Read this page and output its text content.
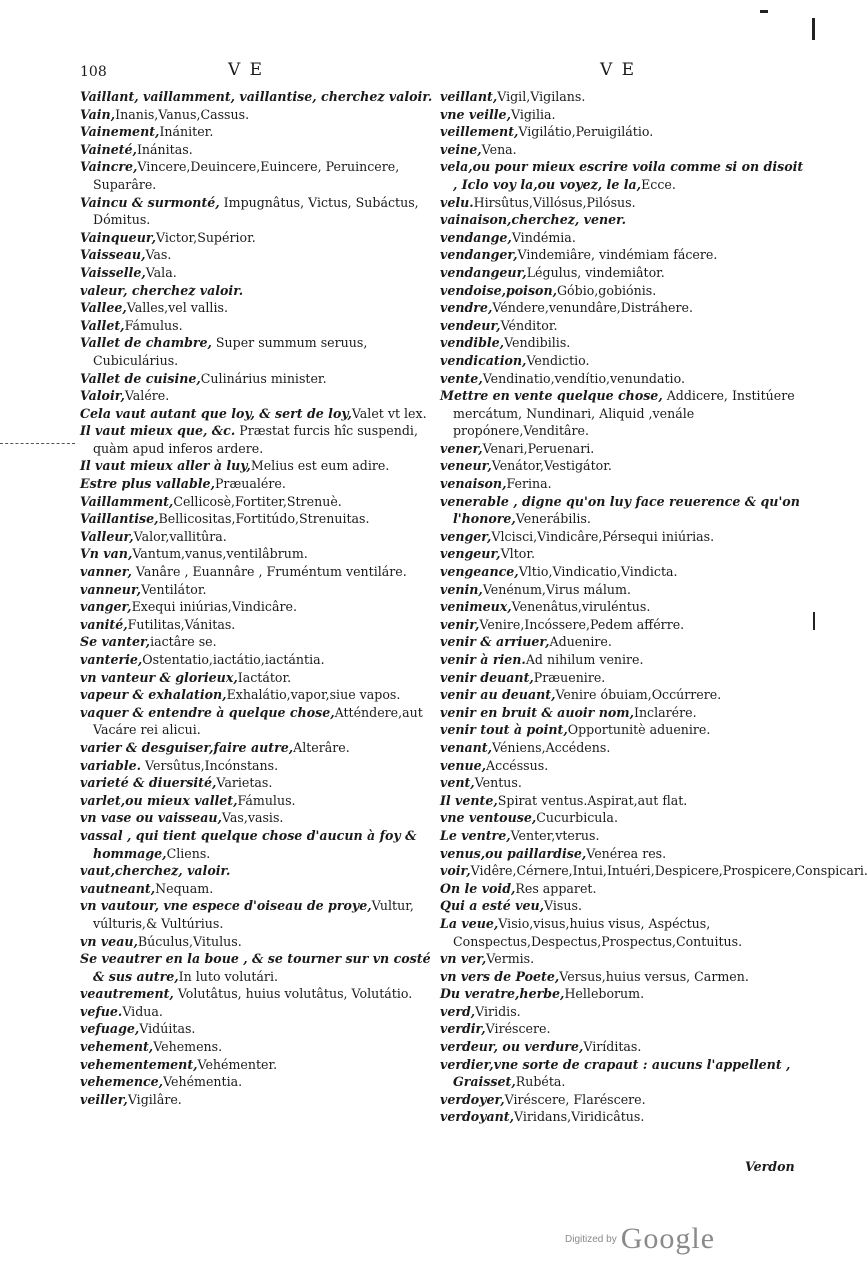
108	V E	V E

Vaillant, vaillamment, vaillantise, cherchez valoir.

Vain,Inanis,Vanus,Cassus.

Vainement,Inániter.

Vaineté,Inánitas.

Vaincre,Vincere,Deuincere,Euincere, Peruincere, Suparâre.

Vaincu & surmonté, Impugnâtus, Victus, Subáctus, Dómitus.

Vainqueur,Victor,Supérior.

Vaisseau,Vas.

Vaisselle,Vala.

valeur, cherchez valoir.

Vallee,Valles,vel vallis.

Vallet,Fámulus.

Vallet de chambre, Super summum seruus, Cubiculárius.

Vallet de cuisine,Culinárius minister.

Valoir,Valére.

Cela vaut autant que loy, & sert de loy,Valet vt lex.

Il vaut mieux que, &c. Præstat furcis hîc suspendi, quàm apud inferos ardere.

Il vaut mieux aller à luy,Melius est eum adire.

Estre plus vallable,Præualére.

Vaillamment,Cellicosè,Fortiter,Strenuè.

Vaillantise,Bellicositas,Fortitúdo,Strenuitas.

Valleur,Valor,vallitûra.

Vn van,Vantum,vanus,ventilâbrum.

vanner, Vanâre , Euannâre , Fruméntum ventiláre.

vanneur,Ventilátor.

vanger,Exequi iniúrias,Vindicâre.

vanité,Futilitas,Vánitas.

Se vanter,iactâre se.

vanterie,Ostentatio,iactátio,iactántia.

vn vanteur & glorieux,Iactátor.

vapeur & exhalation,Exhalátio,vapor,siue vapos.

vaquer & entendre à quelque chose,Atténdere,aut Vacáre rei alicui.

varier & desguiser,faire autre,Alterâre.

variable. Versûtus,Incónstans.

varieté & diuersité,Varietas.

varlet,ou mieux vallet,Fámulus.

vn vase ou vaisseau,Vas,vasis.

vassal , qui tient quelque chose d'aucun à foy & hommage,Cliens.

vaut,cherchez, valoir.

vautneant,Nequam.

vn vautour, vne espece d'oiseau de proye,Vultur, vúlturis,& Vultúrius.

vn veau,Búculus,Vitulus.

Se veautrer en la boue , & se tourner sur vn costé & sus autre,In luto volutári.

veautrement, Volutâtus, huius volutâtus, Volutátio.

vefue.Vidua.

vefuage,Vidúitas.

vehement,Vehemens.

vehementement,Vehémenter.

vehemence,Vehémentia.

veiller,Vigilâre.

veillant,Vigil,Vigilans.

vne veille,Vigilia.

veillement,Vigilátio,Peruigilátio.

veine,Vena.

vela,ou pour mieux escrire voila comme si on disoit , Iclo voy la,ou voyez, le la,Ecce.

velu.Hirsûtus,Villósus,Pilósus.

vainaison,cherchez, vener.

vendange,Vindémia.

vendanger,Vindemiâre, vindémiam fácere.

vendangeur,Légulus, vindemiâtor.

vendoise,poison,Góbio,gobiónis.

vendre,Véndere,venundâre,Distráhere.

vendeur,Vénditor.

vendible,Vendibilis.

vendication,Vendictio.

vente,Vendinatio,vendítio,venundatio.

Mettre en vente quelque chose, Addicere, Institúere mercátum, Nundinari, Aliquid ,venále propónere,Venditâre.

vener,Venari,Peruenari.

veneur,Venátor,Vestigátor.

venaison,Ferina.

venerable , digne qu'on luy face reuerence & qu'on l'honore,Venerábilis.

venger,Vlcisci,Vindicâre,Pérsequi iniúrias.

vengeur,Vltor.

vengeance,Vltio,Vindicatio,Vindicta.

venin,Venénum,Virus málum.

venimeux,Venenâtus,viruléntus.

venir,Venire,Incóssere,Pedem afférre.

venir & arriuer,Aduenire.

venir à rien.Ad nihilum venire.

venir deuant,Præuenire.

venir au deuant,Venire óbuiam,Occúrrere.

venir en bruit & auoir nom,Inclarére.

venir tout à point,Opportunitè aduenire.

venant,Véniens,Accédens.

venue,Accéssus.

vent,Ventus.

Il vente,Spirat ventus.Aspirat,aut flat.

vne ventouse,Cucurbicula.

Le ventre,Venter,vterus.

venus,ou paillardise,Venérea res.

voir,Vidêre,Cérnere,Intui,Intuéri,Despicere,Prospicere,Conspicari.

On le void,Res apparet.

Qui a esté veu,Visus.

La veue,Visio,visus,huius visus, Aspéctus, Conspectus,Despectus,Prospectus,Contuitus.

vn ver,Vermis.

vn vers de Poete,Versus,huius versus, Carmen.

Du veratre,herbe,Helleborum.

verd,Viridis.

verdir,Viréscere.

verdeur, ou verdure,Viríditas.

verdier,vne sorte de crapaut : aucuns l'appellent , Graisset,Rubéta.

verdoyer,Viréscere, Flaréscere.

verdoyant,Viridans,Viridicâtus.

Verdon
$^{Digitized by}$ Google
